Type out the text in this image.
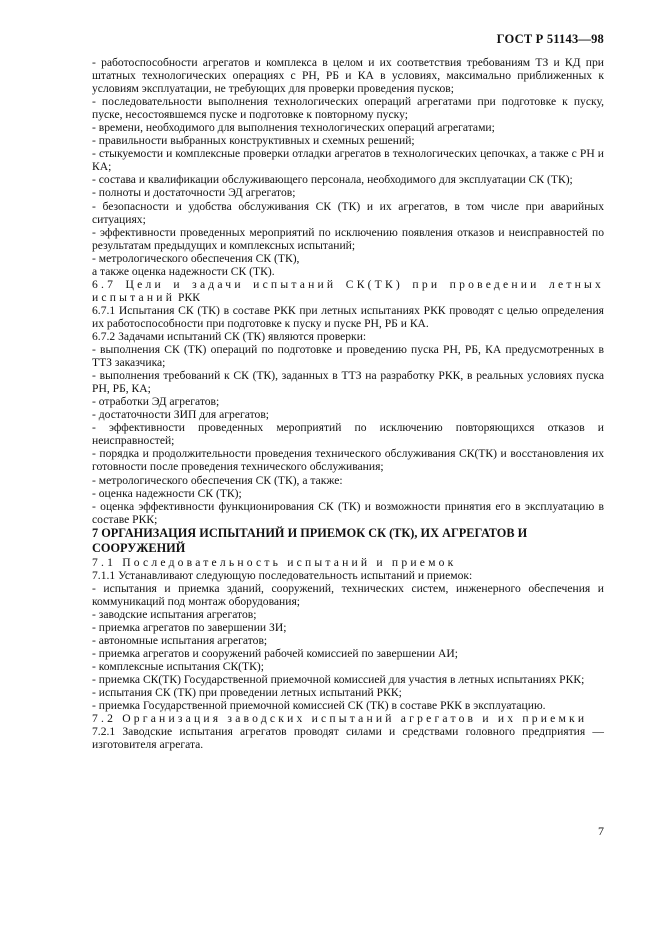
ГОСТ Р 51143—98

- работоспособности агрегатов и комплекса в целом и их соответствия требованиям ТЗ и КД при штатных технологических операциях с РН, РБ и КА в условиях, максимально приближенных к условиям эксплуатации, не требующих для проверки проведения пусков;

- последовательности выполнения технологических операций агрегатами при подготовке к пуску, пуске, несостоявшемся пуске и подготовке к повторному пуску;

- времени, необходимого для выполнения технологических операций агрегатами;

- правильности выбранных конструктивных и схемных решений;

- стыкуемости и комплексные проверки отладки агрегатов в технологических цепочках, а также с РН и КА;

- состава и квалификации обслуживающего персонала, необходимого для эксплуатации СК (ТК);

- полноты и достаточности ЭД агрегатов;

- безопасности и удобства обслуживания СК (ТК) и их агрегатов, в том числе при аварийных ситуациях;

- эффективности проведенных мероприятий по исключению появления отказов и неисправностей по результатам предыдущих и комплексных испытаний;

- метрологического обеспечения СК (ТК),

а также оценка надежности СК (ТК).

6.7 Цели и задачи испытаний СК(ТК) при проведении летных испытаний РКК

6.7.1 Испытания СК (ТК) в составе РКК при летных испытаниях РКК проводят с целью определения их работоспособности при подготовке к пуску и пуске РН, РБ и КА.

6.7.2 Задачами испытаний СК (ТК) являются проверки:

- выполнения СК (ТК) операций по подготовке и проведению пуска РН, РБ, КА предусмотренных в ТТЗ заказчика;

- выполнения требований к СК (ТК), заданных в ТТЗ на разработку РКК, в реальных условиях пуска РН, РБ, КА;

- отработки ЭД агрегатов;

- достаточности ЗИП для агрегатов;

- эффективности проведенных мероприятий по исключению повторяющихся отказов и неисправностей;

- порядка и продолжительности проведения технического обслуживания СК(ТК) и восстановления их готовности после проведения технического обслуживания;

- метрологического обеспечения СК (ТК), а также:

- оценка надежности СК (ТК);

- оценка эффективности функционирования СК (ТК) и возможности принятия его в эксплуатацию в составе РКК;

7 ОРГАНИЗАЦИЯ ИСПЫТАНИЙ И ПРИЕМОК СК (ТК), ИХ АГРЕГАТОВ И СООРУЖЕНИЙ

7.1 Последовательность испытаний и приемок

7.1.1 Устанавливают следующую последовательность испытаний и приемок:

- испытания и приемка зданий, сооружений, технических систем, инженерного обеспечения и коммуникаций под монтаж оборудования;

- заводские испытания агрегатов;

- приемка агрегатов по завершении ЗИ;

- автономные испытания агрегатов;

- приемка агрегатов и сооружений рабочей комиссией по завершении АИ;

- комплексные испытания СК(ТК);

- приемка СК(ТК) Государственной приемочной комиссией для участия в летных испытаниях РКК;

- испытания СК (ТК) при проведении летных испытаний РКК;

- приемка Государственной приемочной комиссией СК (ТК) в составе РКК в эксплуатацию.

7.2 Организация заводских испытаний агрегатов и их приемки

7.2.1 Заводские испытания агрегатов проводят силами и средствами головного предприятия — изготовителя агрегата.

7
